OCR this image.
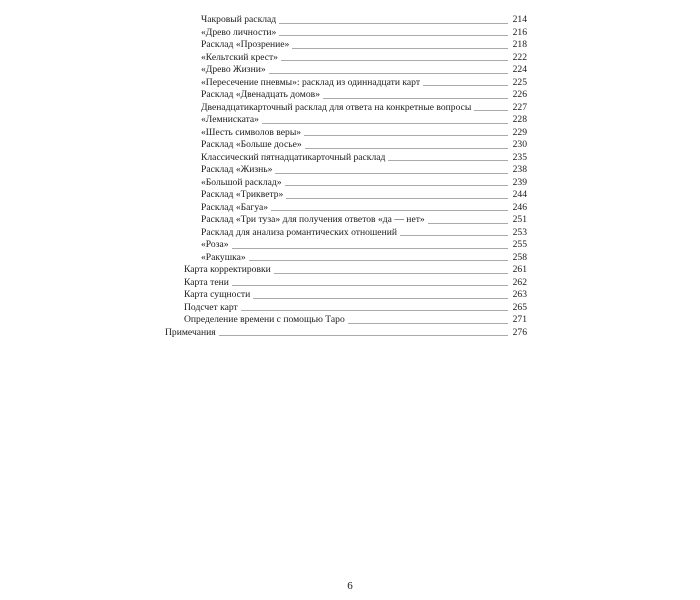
Чакровый расклад	214
«Древо личности»	216
Расклад «Прозрение»	218
«Кельтский крест»	222
«Древо Жизни»	224
«Пересечение пневмы»: расклад из одиннадцати карт	225
Расклад «Двенадцать домов»	226
Двенадцатикарточный расклад для ответа на конкретные вопросы	227
«Лемниската»	228
«Шесть символов веры»	229
Расклад «Больше досье»	230
Классический пятнадцатикарточный расклад	235
Расклад «Жизнь»	238
«Большой расклад»	239
Расклад «Трикветр»	244
Расклад «Багуа»	246
Расклад «Три туза» для получения ответов «да — нет»	251
Расклад для анализа романтических отношений	253
«Роза»	255
«Ракушка»	258
Карта корректировки	261
Карта тени	262
Карта сущности	263
Подсчет карт	265
Определение времени с помощью Таро	271
Примечания	276
6
